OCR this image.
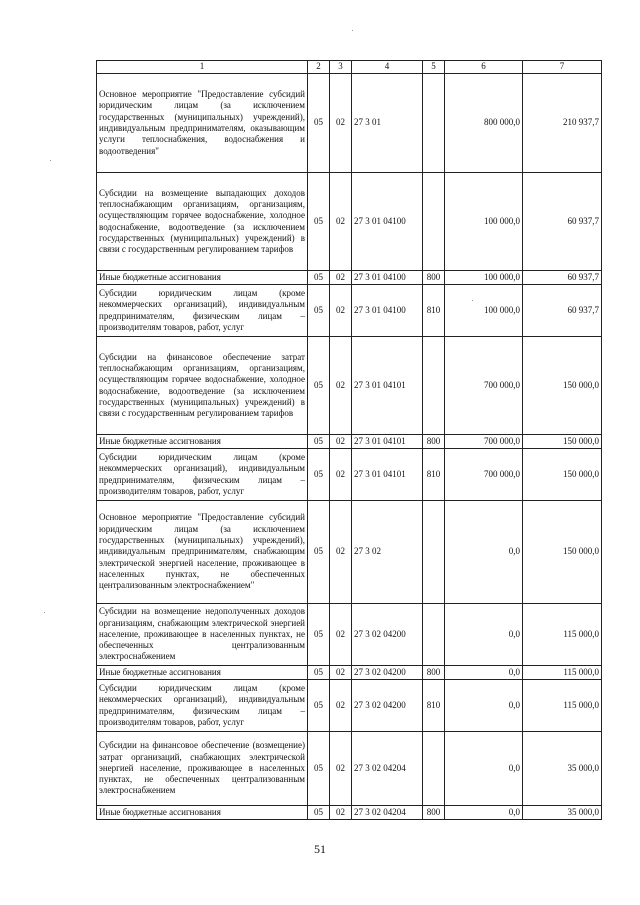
1	2	3	4	5	6	7
Основное мероприятие "Предоставление субсидий юридическим лицам (за исключением государственных (муниципальных) учреждений), индивидуальным предпринимателям, оказывающим услуги теплоснабжения, водоснабжения и водоотведения"	05	02	27 3 01		800 000,0	210 937,7
Субсидии на возмещение выпадающих доходов теплоснабжающим организациям, организациям, осуществляющим горячее водоснабжение, холодное водоснабжение, водоотведение (за исключением государственных (муниципальных) учреждений) в связи с государственным регулированием тарифов	05	02	27 3 01 04100		100 000,0	60 937,7
Иные бюджетные ассигнования	05	02	27 3 01 04100	800	100 000,0	60 937,7
Субсидии юридическим лицам (кроме некоммерческих организаций), индивидуальным предпринимателям, физическим лицам – производителям товаров, работ, услуг	05	02	27 3 01 04100	810	100 000,0	60 937,7
Субсидии на финансовое обеспечение затрат теплоснабжающим организациям, организациям, осуществляющим горячее водоснабжение, холодное водоснабжение, водоотведение (за исключением государственных (муниципальных) учреждений) в связи с государственным регулированием тарифов	05	02	27 3 01 04101		700 000,0	150 000,0
Иные бюджетные ассигнования	05	02	27 3 01 04101	800	700 000,0	150 000,0
Субсидии юридическим лицам (кроме некоммерческих организаций), индивидуальным предпринимателям, физическим лицам – производителям товаров, работ, услуг	05	02	27 3 01 04101	810	700 000,0	150 000,0
Основное мероприятие "Предоставление субсидий юридическим лицам (за исключением государственных (муниципальных) учреждений), индивидуальным предпринимателям, снабжающим электрической энергией население, проживающее в населенных пунктах, не обеспеченных централизованным электроснабжением"	05	02	27 3 02		0,0	150 000,0
Субсидии на возмещение недополученных доходов организациям, снабжающим электрической энергией население, проживающее в населенных пунктах, не обеспеченных централизованным электроснабжением	05	02	27 3 02 04200		0,0	115 000,0
Иные бюджетные ассигнования	05	02	27 3 02 04200	800	0,0	115 000,0
Субсидии юридическим лицам (кроме некоммерческих организаций), индивидуальным предпринимателям, физическим лицам – производителям товаров, работ, услуг	05	02	27 3 02 04200	810	0,0	115 000,0
Субсидии на финансовое обеспечение (возмещение) затрат организаций, снабжающих электрической энергией население, проживающее в населенных пунктах, не обеспеченных централизованным электроснабжением	05	02	27 3 02 04204		0,0	35 000,0
Иные бюджетные ассигнования	05	02	27 3 02 04204	800	0,0	35 000,0
51
